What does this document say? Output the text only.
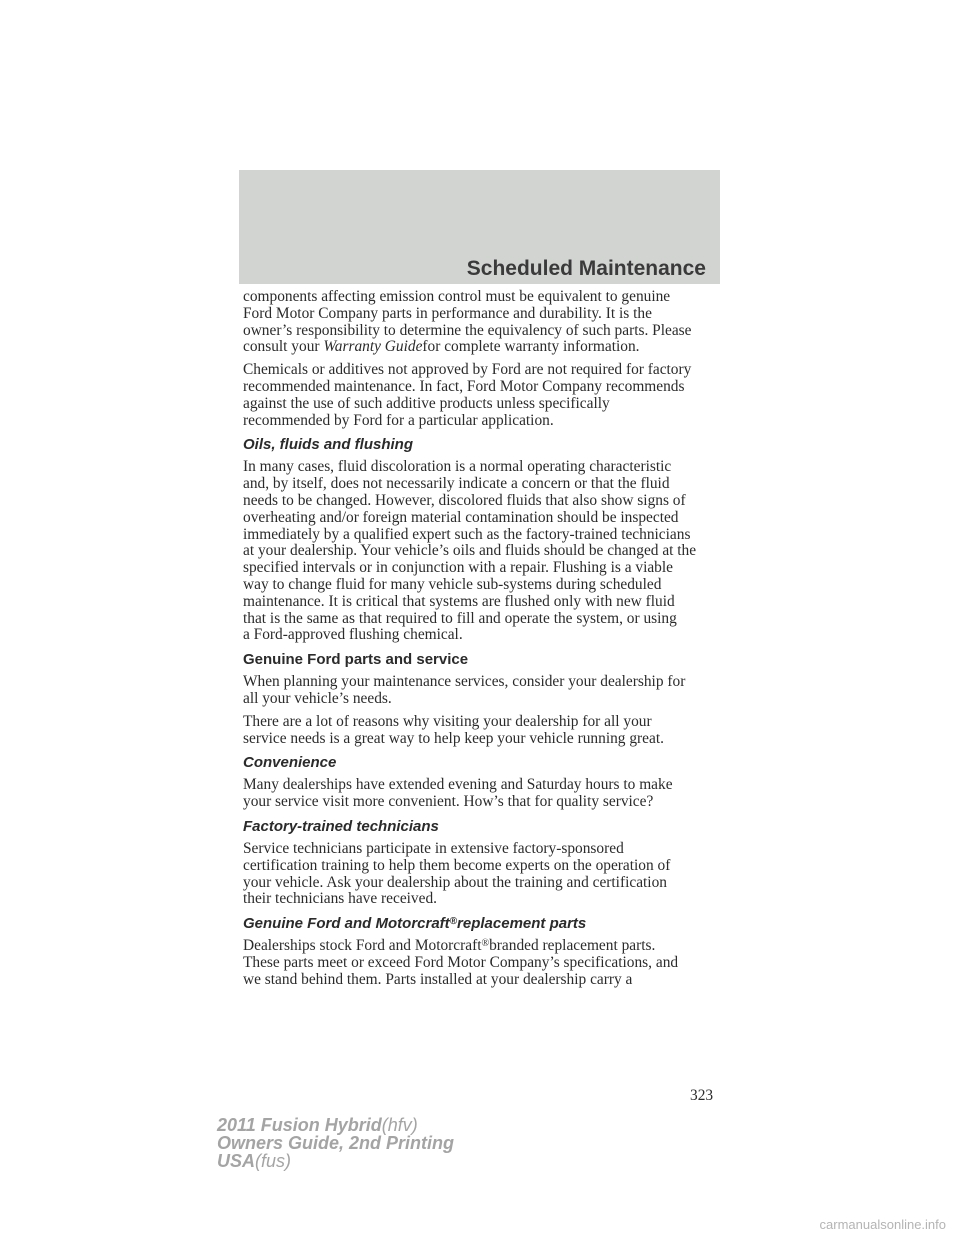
Scheduled Maintenance

components affecting emission control must be equivalent to genuine
Ford Motor Company parts in performance and durability. It is the
owner’s responsibility to determine the equivalency of such parts. Please
consult your Warranty Guidefor complete warranty information.

Chemicals or additives not approved by Ford are not required for factory
recommended maintenance. In fact, Ford Motor Company recommends
against the use of such additive products unless specifically
recommended by Ford for a particular application.

Oils, fluids and flushing

In many cases, fluid discoloration is a normal operating characteristic
and, by itself, does not necessarily indicate a concern or that the fluid
needs to be changed. However, discolored fluids that also show signs of
overheating and/or foreign material contamination should be inspected
immediately by a qualified expert such as the factory-trained technicians
at your dealership. Your vehicle’s oils and fluids should be changed at the
specified intervals or in conjunction with a repair. Flushing is a viable
way to change fluid for many vehicle sub-systems during scheduled
maintenance. It is critical that systems are flushed only with new fluid
that is the same as that required to fill and operate the system, or using
a Ford-approved flushing chemical.

Genuine Ford parts and service

When planning your maintenance services, consider your dealership for
all your vehicle’s needs.

There are a lot of reasons why visiting your dealership for all your
service needs is a great way to help keep your vehicle running great.

Convenience

Many dealerships have extended evening and Saturday hours to make
your service visit more convenient. How’s that for quality service?

Factory-trained technicians

Service technicians participate in extensive factory-sponsored
certification training to help them become experts on the operation of
your vehicle. Ask your dealership about the training and certification
their technicians have received.

Genuine Ford and Motorcraft®replacement parts

Dealerships stock Ford and Motorcraft®branded replacement parts.
These parts meet or exceed Ford Motor Company’s specifications, and
we stand behind them. Parts installed at your dealership carry a

323
2011 Fusion Hybrid(hfv)
Owners Guide, 2nd Printing
USA(fus)
carmanualsonline.info
